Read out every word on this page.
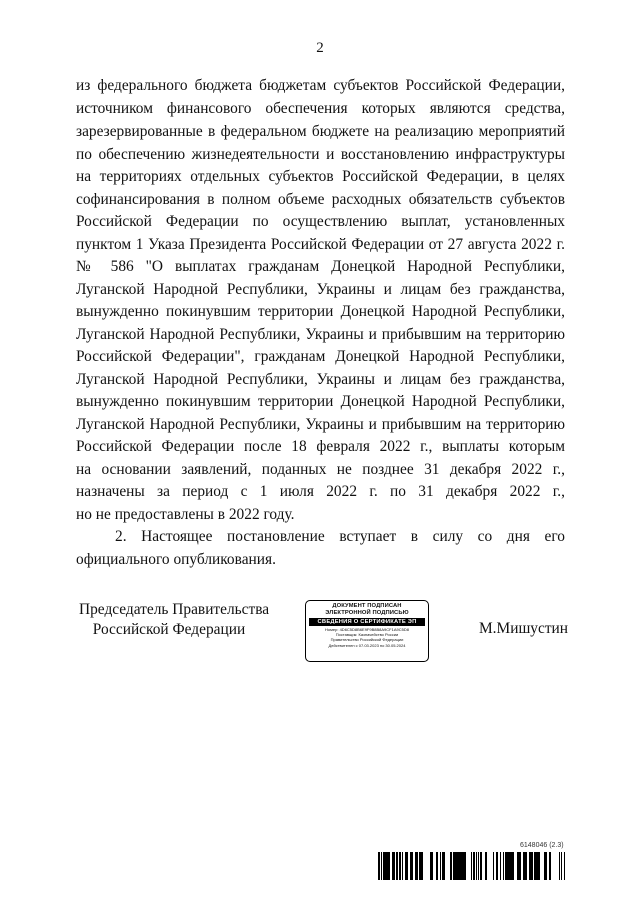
2
из федерального бюджета бюджетам субъектов Российской Федерации,
источником финансового обеспечения которых являются средства,
зарезервированные в федеральном бюджете на реализацию мероприятий
по обеспечению жизнедеятельности и восстановлению инфраструктуры
на территориях отдельных субъектов Российской Федерации, в целях
софинансирования в полном объеме расходных обязательств субъектов
Российской Федерации по осуществлению выплат, установленных
пунктом 1 Указа Президента Российской Федерации от 27 августа 2022 г.
№ 586 "О выплатах гражданам Донецкой Народной Республики,
Луганской Народной Республики, Украины и лицам без гражданства,
вынужденно покинувшим территории Донецкой Народной Республики,
Луганской Народной Республики, Украины и прибывшим на территорию
Российской Федерации", гражданам Донецкой Народной Республики,
Луганской Народной Республики, Украины и лицам без гражданства,
вынужденно покинувшим территории Донецкой Народной Республики,
Луганской Народной Республики, Украины и прибывшим на территорию
Российской Федерации после 18 февраля 2022 г., выплаты которым
на основании заявлений, поданных не позднее 31 декабря 2022 г.,
назначены за период с 1 июля 2022 г. по 31 декабря 2022 г.,
но не предоставлены в 2022 году.
2. Настоящее постановление вступает в силу со дня его
официального опубликования.
Председатель Правительства
Российской Федерации
ДОКУМЕНТ ПОДПИСАН
ЭЛЕКТРОННОЙ ПОДПИСЬЮ
СВЕДЕНИЯ О СЕРТИФИКАТЕ ЭП
Номер: 4D6C5D8B6E9F9B8B8A9CF1A9C5D8
Поставщик: Казначейство России
Правительство Российской Федерации
Действителен с 07.03.2023 по 30.05.2024
М.Мишустин
6148046 (2.3)
